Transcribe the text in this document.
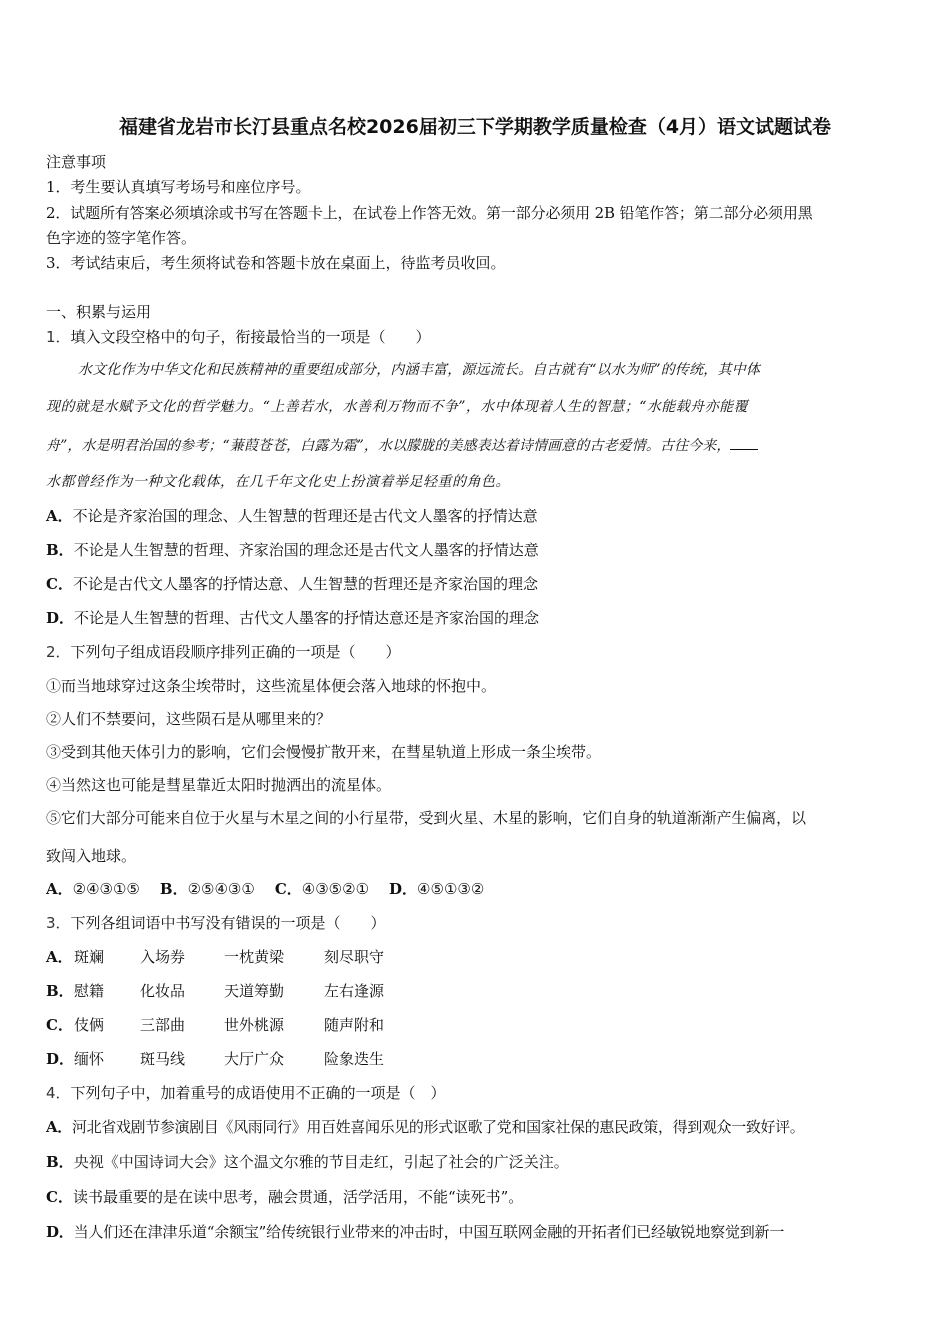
福建省龙岩市长汀县重点名校2026届初三下学期教学质量检查（4月）语文试题试卷
注意事项
1．考生要认真填写考场号和座位序号。
2．试题所有答案必须填涂或书写在答题卡上，在试卷上作答无效。第一部分必须用 2B 铅笔作答；第二部分必须用黑
色字迹的签字笔作答。
3．考试结束后，考生须将试卷和答题卡放在桌面上，待监考员收回。
一、积累与运用
1．填入文段空格中的句子，衔接最恰当的一项是（　　）
水文化作为中华文化和民族精神的重要组成部分，内涵丰富，源远流长。自古就有“以水为师”的传统，其中体
现的就是水赋予文化的哲学魅力。“上善若水，水善利万物而不争”，水中体现着人生的智慧；“水能载舟亦能覆
舟”，水是明君治国的参考；“蒹葭苍苍，白露为霜”，水以朦胧的美感表达着诗情画意的古老爱情。古往今来，
水都曾经作为一种文化载体，在几千年文化史上扮演着举足轻重的角色。
A．不论是齐家治国的理念、人生智慧的哲理还是古代文人墨客的抒情达意
B．不论是人生智慧的哲理、齐家治国的理念还是古代文人墨客的抒情达意
C．不论是古代文人墨客的抒情达意、人生智慧的哲理还是齐家治国的理念
D．不论是人生智慧的哲理、古代文人墨客的抒情达意还是齐家治国的理念
2．下列句子组成语段顺序排列正确的一项是（　　）
①而当地球穿过这条尘埃带时，这些流星体便会落入地球的怀抱中。
②人们不禁要问，这些陨石是从哪里来的？
③受到其他天体引力的影响，它们会慢慢扩散开来，在彗星轨道上形成一条尘埃带。
④当然这也可能是彗星靠近太阳时抛洒出的流星体。
⑤它们大部分可能来自位于火星与木星之间的小行星带，受到火星、木星的影响，它们自身的轨道渐渐产生偏离，以
致闯入地球。
A．②④③①⑤ B．②⑤④③① C．④③⑤②① D．④⑤①③②
3．下列各组词语中书写没有错误的一项是（　　）
A．斑斓 入场券	一枕黄梁	刻尽职守
B．慰籍 化妆品	天道筹勤	左右逢源
C．伎俩 三部曲	世外桃源	随声附和
D．缅怀 斑马线	大厅广众	险象迭生
4．下列句子中，加着重号的成语使用不正确的一项是（　）
A．河北省戏剧节参演剧目《风雨同行》用百姓喜闻乐见的形式讴歌了党和国家社保的惠民政策，得到观众一致好评。
B．央视《中国诗词大会》这个温文尔雅的节目走红，引起了社会的广泛关注。
C．读书最重要的是在读中思考，融会贯通，活学活用，不能“读死书”。
D．当人们还在津津乐道“余额宝”给传统银行业带来的冲击时，中国互联网金融的开拓者们已经敏锐地察觉到新一
